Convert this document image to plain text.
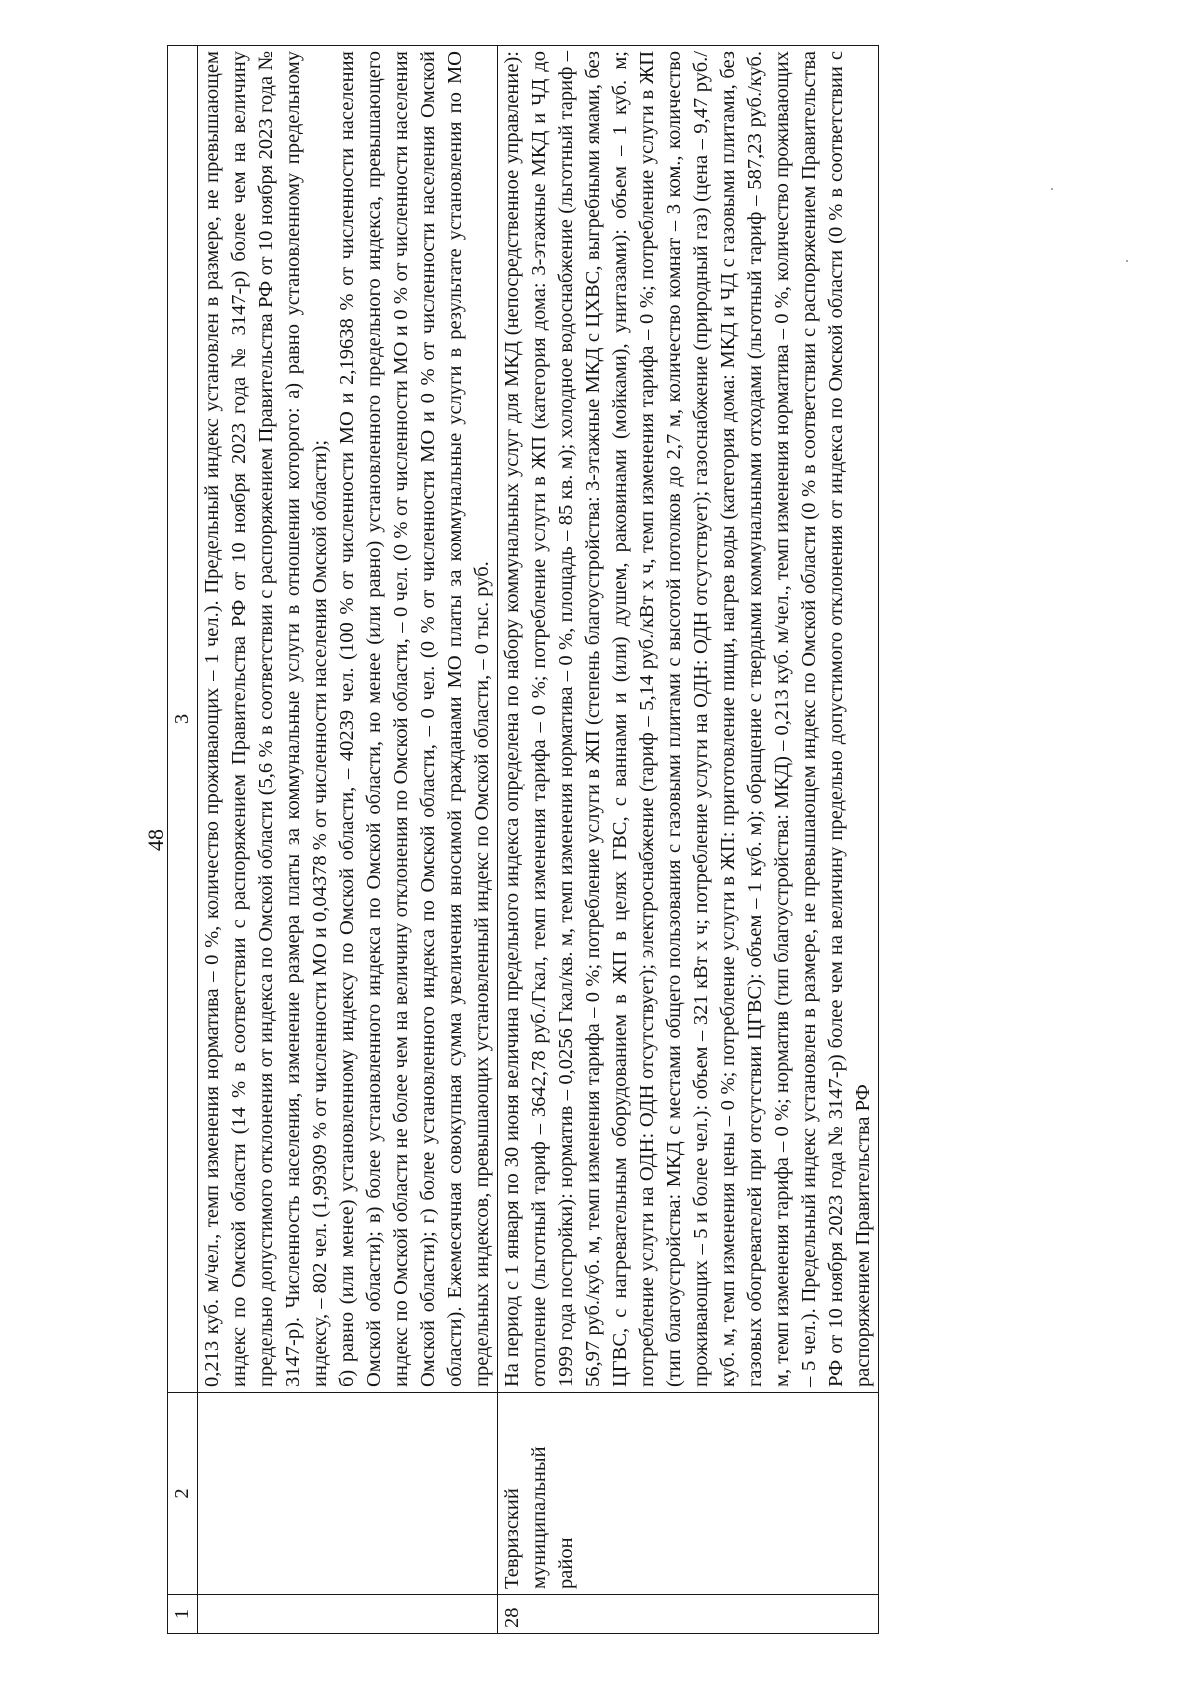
48
1	2	3

		0,213 куб. м/чел., темп изменения норматива – 0 %, количество проживающих – 1 чел.). Предельный индекс установлен в размере, не превышающем индекс по Омской области (14 % в соответствии с распоряжением Правительства РФ от 10 ноября 2023 года № 3147-р) более чем на величину предельно допустимого отклонения от индекса по Омской области (5,6 % в соответствии с распоряжением Правительства РФ от 10 ноября 2023 года № 3147-р). Численность населения, изменение размера платы за коммунальные услуги в отношении которого: а) равно установленному предельному индексу, – 802 чел. (1,99309 % от численности МО и 0,04378 % от численности населения Омской области); б) равно (или менее) установленному индексу по Омской области, – 40239 чел. (100 % от численности МО и 2,19638 % от численности населения Омской области); в) более установленного индекса по Омской области, но менее (или равно) установленного предельного индекса, превышающего индекс по Омской области не более чем на величину отклонения по Омской области, – 0 чел. (0 % от численности МО и 0 % от численности населения Омской области); г) более установленного индекса по Омской области, – 0 чел. (0 % от численности МО и 0 % от численности населения Омской области). Ежемесячная совокупная сумма увеличения вносимой гражданами МО платы за коммунальные услуги в результате установления по МО предельных индексов, превышающих установленный индекс по Омской области, – 0 тыс. руб.

28	Тевризский муниципальный район	На период с 1 января по 30 июня величина предельного индекса определена по набору коммунальных услуг для МКД (непосредственное управление): отопление (льготный тариф – 3642,78 руб./Гкал, темп изменения тарифа – 0 %; потребление услуги в ЖП (категория дома: 3-этажные МКД и ЧД до 1999 года постройки): норматив – 0,0256 Гкал/кв. м, темп изменения норматива – 0 %, площадь – 85 кв. м); холодное водоснабжение (льготный тариф – 56,97 руб./куб. м, темп изменения тарифа – 0 %; потребление услуги в ЖП (степень благоустройства: 3-этажные МКД с ЦХВС, выгребными ямами, без ЦГВС, с нагревательным оборудованием в ЖП в целях ГВС, с ваннами и (или) душем, раковинами (мойками), унитазами): объем – 1 куб. м; потребление услуги на ОДН: ОДН отсутствует); электроснабжение (тариф – 5,14 руб./кВт х ч, темп изменения тарифа – 0 %; потребление услуги в ЖП (тип благоустройства: МКД с местами общего пользования с газовыми плитами с высотой потолков до 2,7 м, количество комнат – 3 ком., количество проживающих – 5 и более чел.): объем – 321 кВт х ч; потребление услуги на ОДН: ОДН отсутствует); газоснабжение (природный газ) (цена – 9,47 руб./куб. м, темп изменения цены – 0 %; потребление услуги в ЖП: приготовление пищи, нагрев воды (категория дома: МКД и ЧД с газовыми плитами, без газовых обогревателей при отсутствии ЦГВС): объем – 1 куб. м); обращение с твердыми коммунальными отходами (льготный тариф – 587,23 руб./куб. м, темп изменения тарифа – 0 %; норматив (тип благоустройства: МКД) – 0,213 куб. м/чел., темп изменения норматива – 0 %, количество проживающих – 5 чел.). Предельный индекс установлен в размере, не превышающем индекс по Омской области (0 % в соответствии с распоряжением Правительства РФ от 10 ноября 2023 года № 3147-р) более чем на величину предельно допустимого отклонения от индекса по Омской области (0 % в соответствии с распоряжением Правительства РФ
